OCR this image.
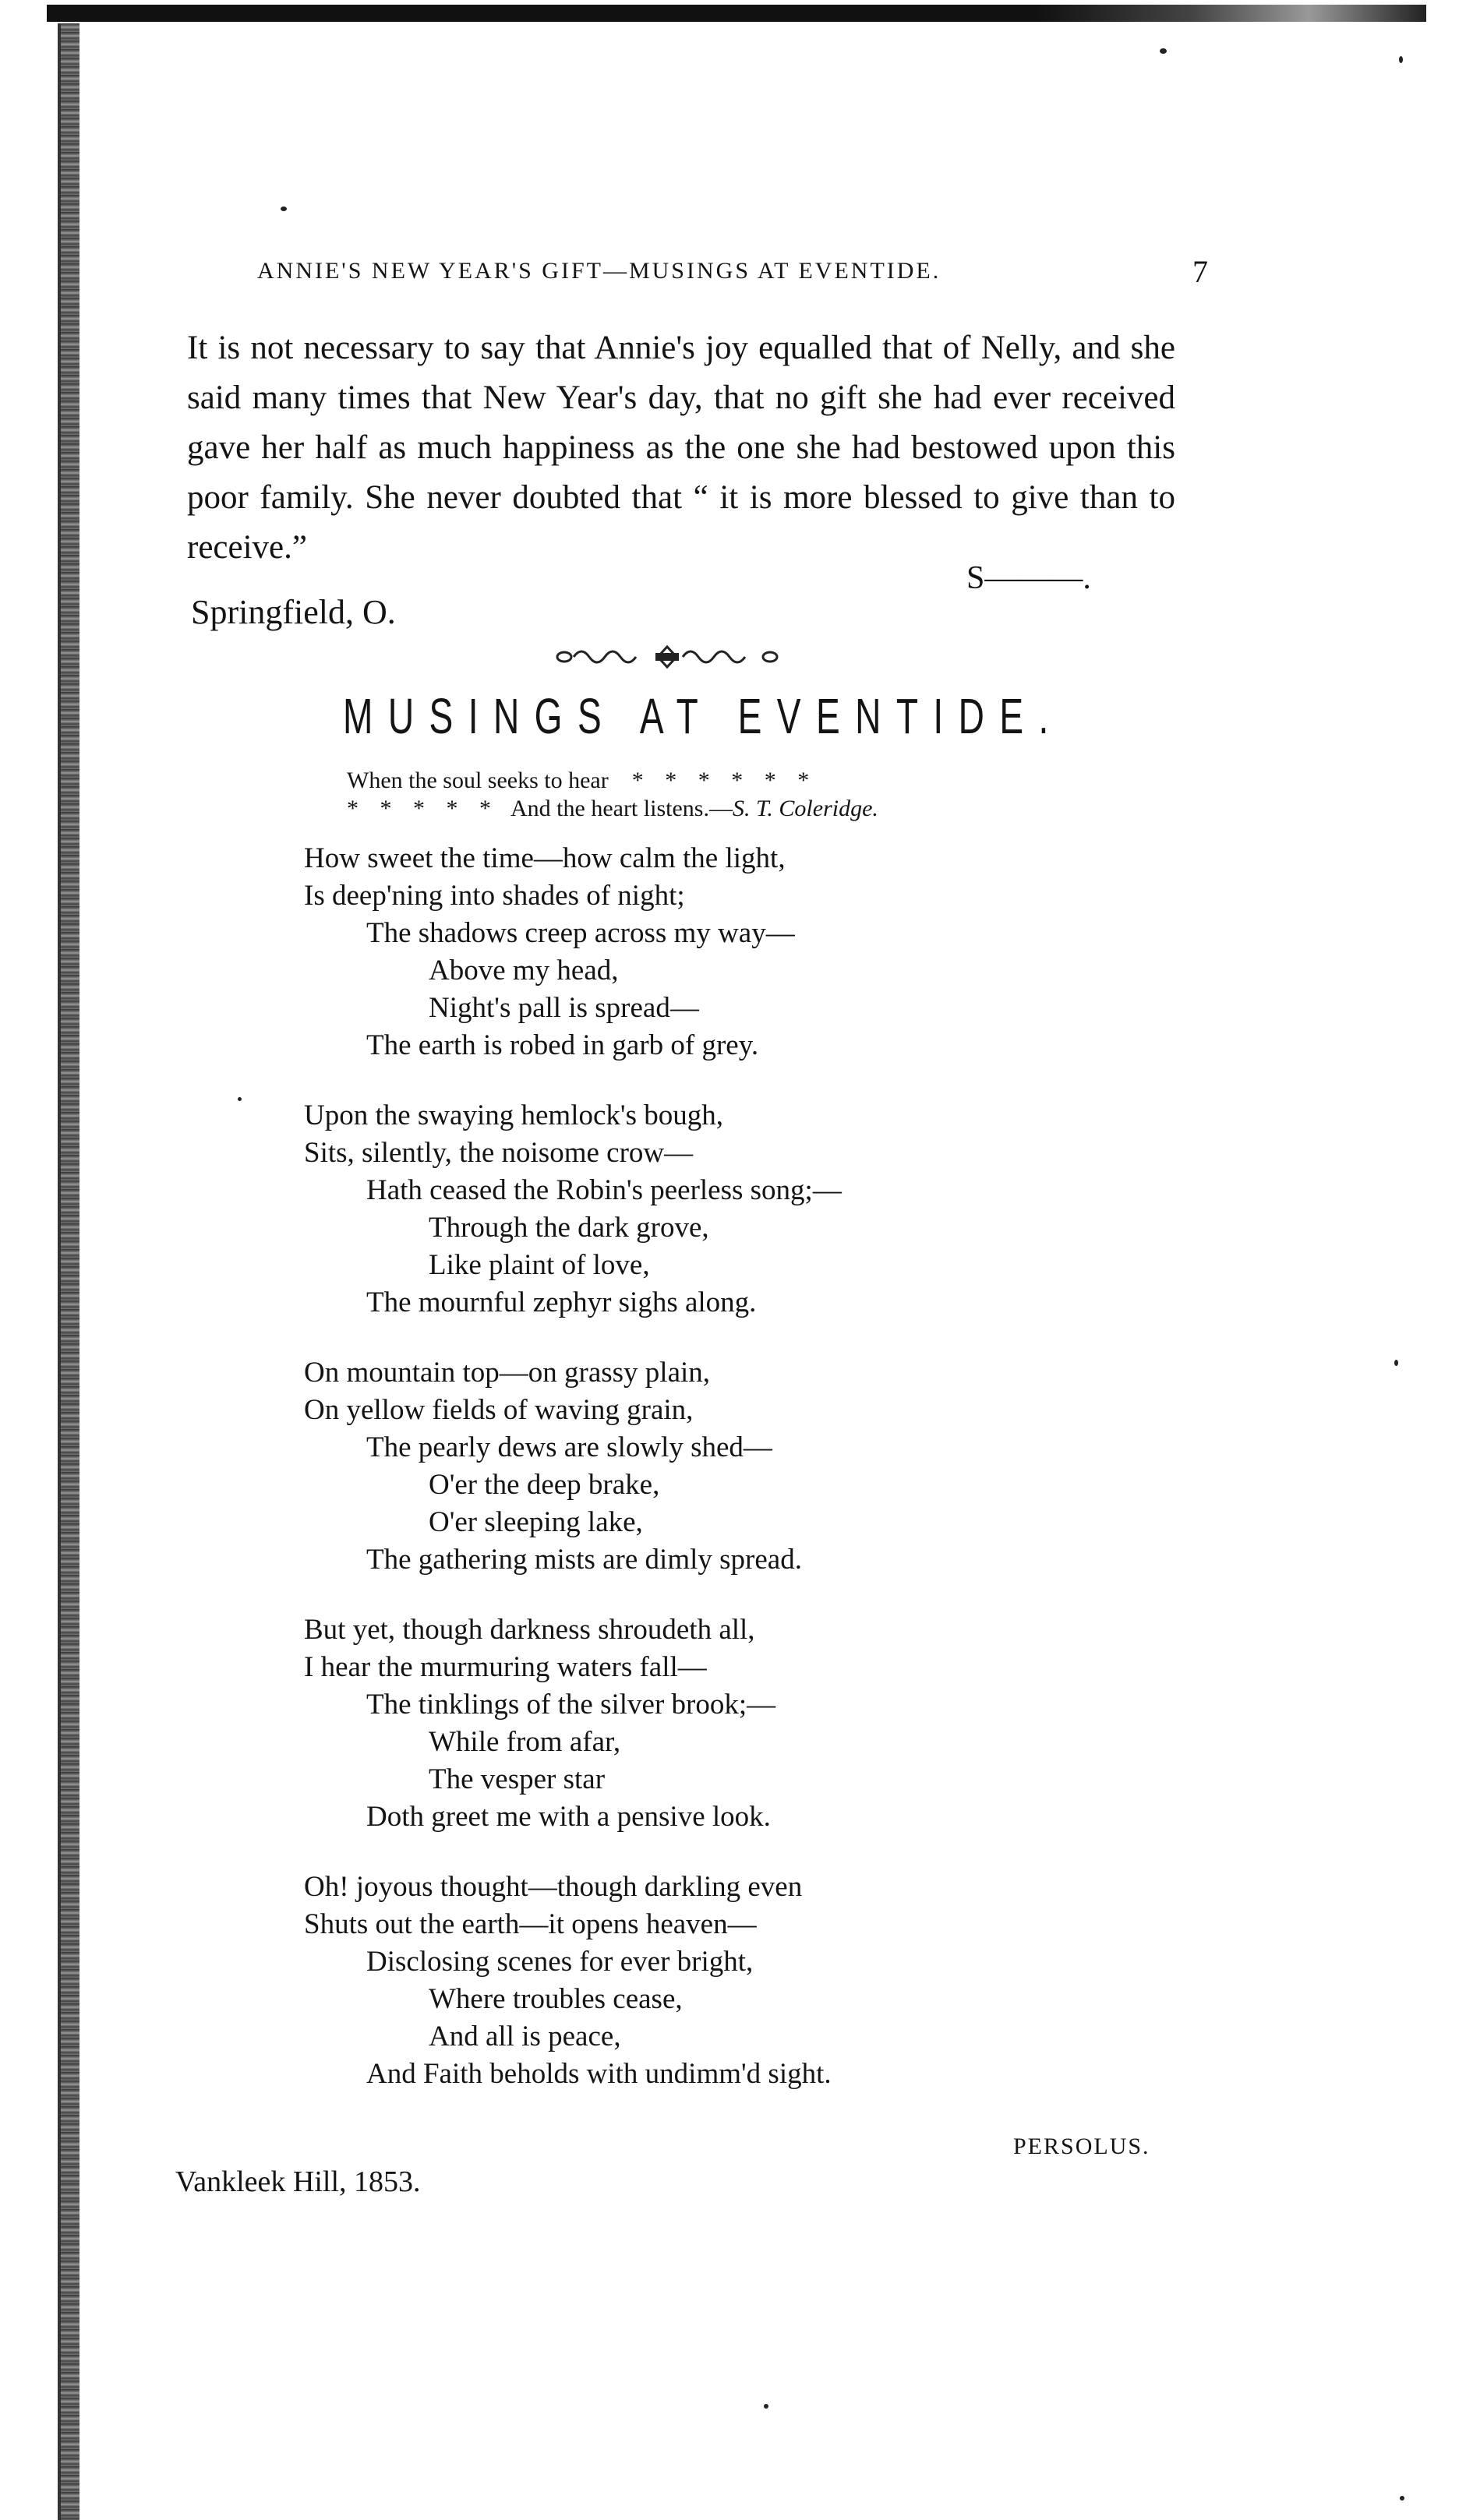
ANNIE'S NEW YEAR'S GIFT—MUSINGS AT EVENTIDE.	7

It is not necessary to say that Annie's joy equalled that of Nelly, and she said many times that New Year's day, that no gift she had ever received gave her half as much happiness as the one she had bestowed upon this poor family. She never doubted that “ it is more blessed to give than to receive.”

S———.
Springfield, O.
MUSINGS AT EVENTIDE.
When the soul seeks to hear * * * * * *
* * * * * And the heart listens.—S. T. Coleridge.
How sweet the time—how calm the light,
Is deep'ning into shades of night;
The shadows creep across my way—
Above my head,
Night's pall is spread—
The earth is robed in garb of grey.
Upon the swaying hemlock's bough,
Sits, silently, the noisome crow—
Hath ceased the Robin's peerless song;—
Through the dark grove,
Like plaint of love,
The mournful zephyr sighs along.
On mountain top—on grassy plain,
On yellow fields of waving grain,
The pearly dews are slowly shed—
O'er the deep brake,
O'er sleeping lake,
The gathering mists are dimly spread.
But yet, though darkness shroudeth all,
I hear the murmuring waters fall—
The tinklings of the silver brook;—
While from afar,
The vesper star
Doth greet me with a pensive look.
Oh! joyous thought—though darkling even
Shuts out the earth—it opens heaven—
Disclosing scenes for ever bright,
Where troubles cease,
And all is peace,
And Faith beholds with undimm'd sight.
PERSOLUS.
Vankleek Hill, 1853.
